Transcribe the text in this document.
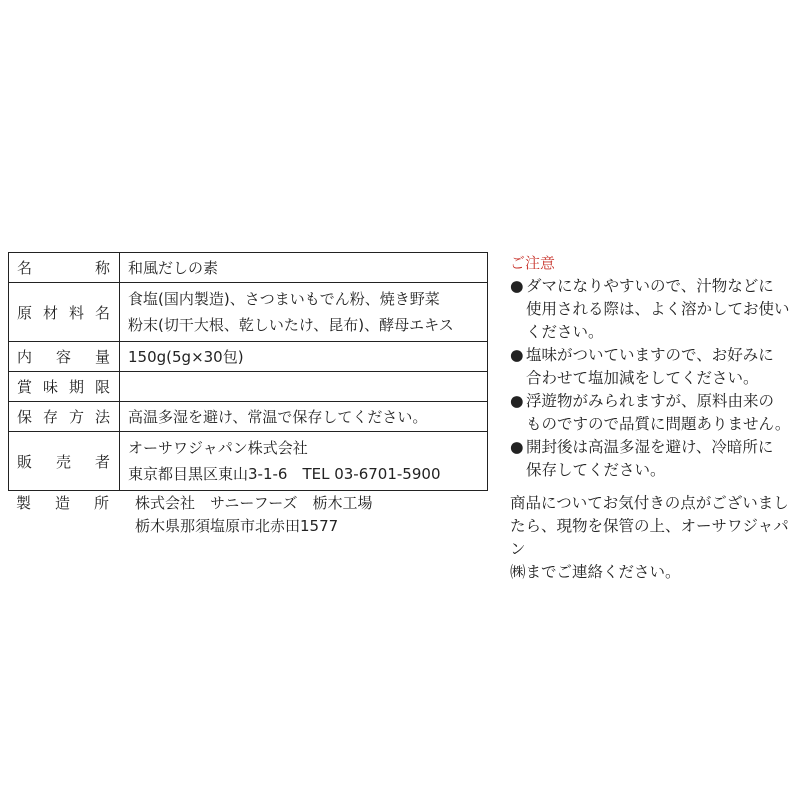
名　　称	和風だしの素

原材料名	食塩(国内製造)、さつまいもでん粉、焼き野菜
粉末(切干大根、乾しいたけ、昆布)、酵母エキス

内容量	150g(5g×30包)

賞味期限	

保存方法	高温多湿を避け、常温で保存してください。

販売者	オーサワジャパン株式会社
東京都目黒区東山3-1-6　TEL 03-6701-5900
製造所 株式会社　サニーフーズ　栃木工場
栃木県那須塩原市北赤田1577
ご注意
● ダマになりやすいので、汁物などに
使用される際は、よく溶かしてお使い
ください。
● 塩味がついていますので、お好みに
合わせて塩加減をしてください。
● 浮遊物がみられますが、原料由来の
ものですので品質に問題ありません。
● 開封後は高温多湿を避け、冷暗所に
保存してください。
商品についてお気付きの点がございまし
たら、現物を保管の上、オーサワジャパン
㈱までご連絡ください。
